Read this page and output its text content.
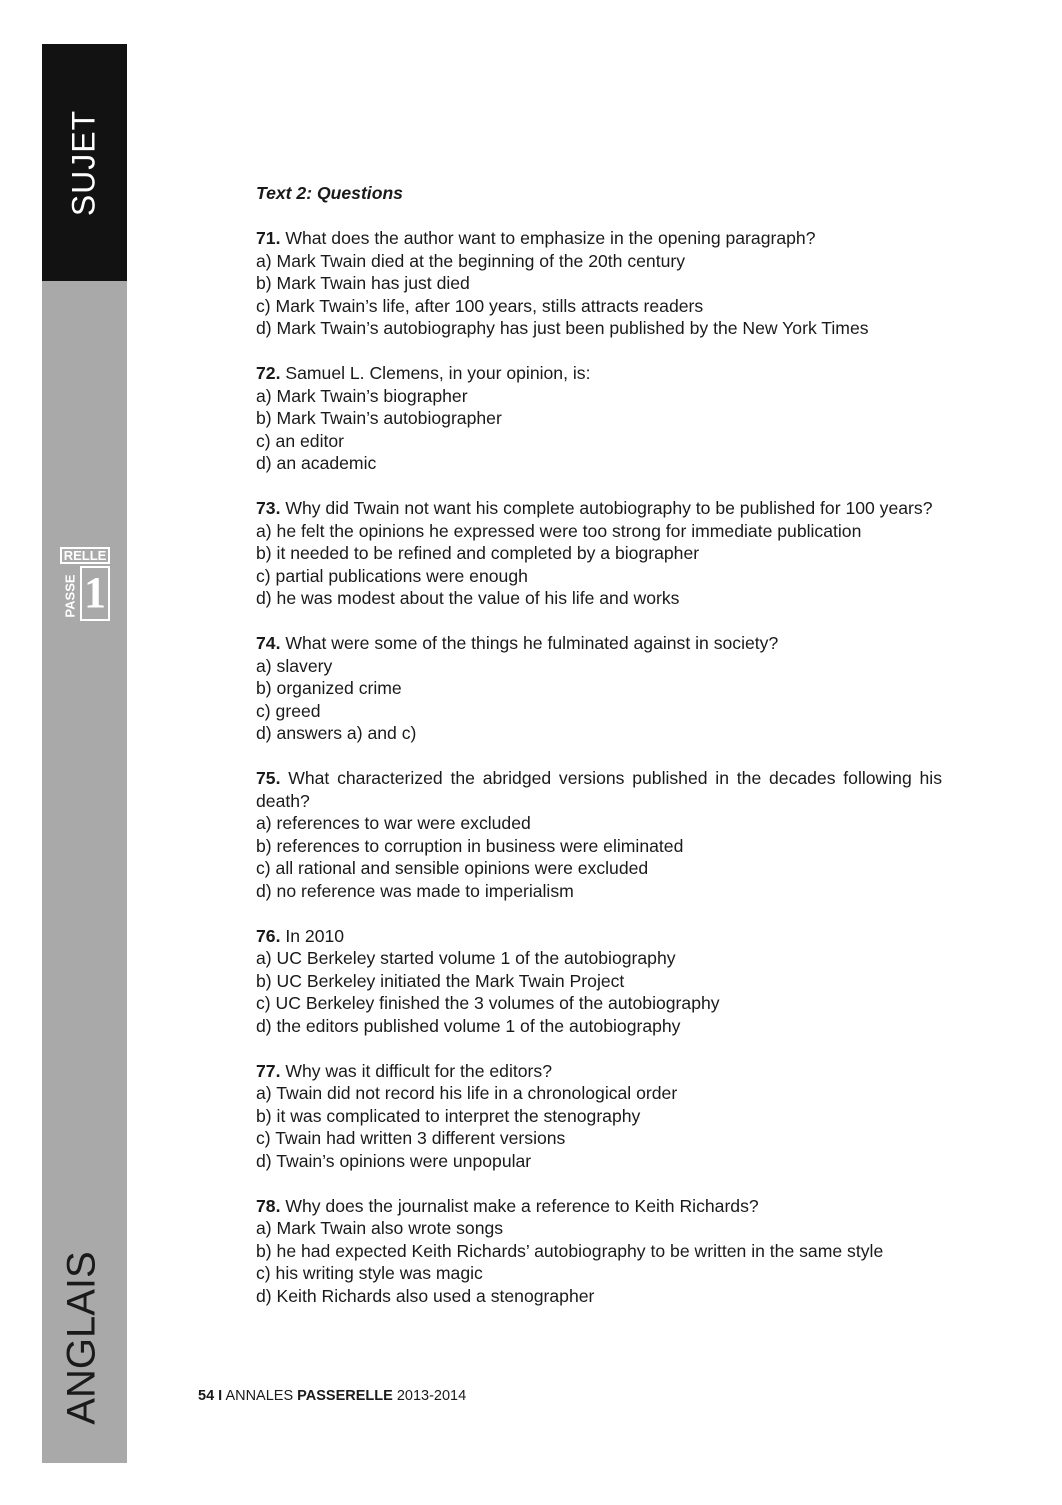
SUJET
ANGLAIS
RELLE
PASSE 1
Text 2: Questions
71. What does the author want to emphasize in the opening paragraph?
a) Mark Twain died at the beginning of the 20th century
b) Mark Twain has just died
c) Mark Twain’s life, after 100 years, stills attracts readers
d) Mark Twain’s autobiography has just been published by the New York Times
72. Samuel L. Clemens, in your opinion, is:
a) Mark Twain’s biographer
b) Mark Twain’s autobiographer
c) an editor
d) an academic
73. Why did Twain not want his complete autobiography to be published for 100 years?
a) he felt the opinions he expressed were too strong for immediate publication
b) it needed to be refined and completed by a biographer
c) partial publications were enough
d) he was modest about the value of his life and works
74. What were some of the things he fulminated against in society?
a) slavery
b) organized crime
c) greed
d) answers a) and c)
75. What characterized the abridged versions published in the decades following his death?
a) references to war were excluded
b) references to corruption in business were eliminated
c) all rational and sensible opinions were excluded
d) no reference was made to imperialism
76. In 2010
a) UC Berkeley started volume 1 of the autobiography
b) UC Berkeley initiated the Mark Twain Project
c) UC Berkeley finished the 3 volumes of the autobiography
d) the editors published volume 1 of the autobiography
77. Why was it difficult for the editors?
a) Twain did not record his life in a chronological order
b) it was complicated to interpret the stenography
c) Twain had written 3 different versions
d) Twain’s opinions were unpopular
78. Why does the journalist make a reference to Keith Richards?
a) Mark Twain also wrote songs
b) he had expected Keith Richards’ autobiography to be written in the same style
c) his writing style was magic
d) Keith Richards also used a stenographer
54 I ANNALES PASSERELLE 2013-2014
